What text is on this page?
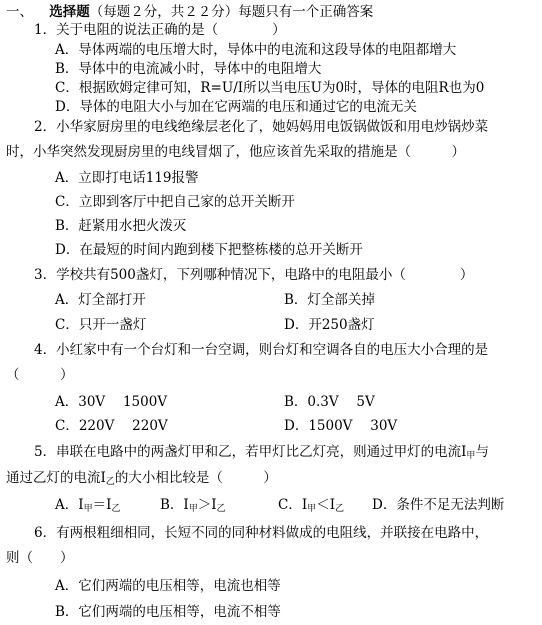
一、 选择题（每题２分，共２２分）每题只有一个正确答案
1．关于电阻的说法正确的是（　　　　）
A．导体两端的电压增大时，导体中的电流和这段导体的电阻都增大
B．导体中的电流减小时，导体中的电阻增大
C．根据欧姆定律可知，R=U/I所以当电压U为0时，导体的电阻R也为0
D．导体的电阻大小与加在它两端的电压和通过它的电流无关
2．小华家厨房里的电线绝缘层老化了，她妈妈用电饭锅做饭和用电炒锅炒菜
时，小华突然发现厨房里的电线冒烟了，他应该首先采取的措施是（　　　）
A．立即打电话119报警
C．立即到客厅中把自己家的总开关断开
B．赶紧用水把火泼灭
D．在最短的时间内跑到楼下把整栋楼的总开关断开
3．学校共有500盏灯，下列哪种情况下，电路中的电阻最小（　　　　）
A．灯全部打开	B．灯全部关掉
C．只开一盏灯	D．开250盏灯
4．小红家中有一个台灯和一台空调，则台灯和空调各自的电压大小合理的是
（　　　）
A．30V　 1500V	B．0.3V　 5V
C．220V　 220V	D．1500V　 30V
5．串联在电路中的两盏灯甲和乙，若甲灯比乙灯亮，则通过甲灯的电流$I_甲$与
通过乙灯的电流$I_乙$的大小相比较是（　　　）
A．$I_甲=I_乙$	B．$I_甲>I_乙$	C．$I_甲<I_乙$ D．条件不足无法判断
6．有两根粗细相同，长短不同的同种材料做成的电阻线，并联接在电路中，
则（　　）
A．它们两端的电压相等，电流也相等
B．它们两端的电压相等，电流不相等
